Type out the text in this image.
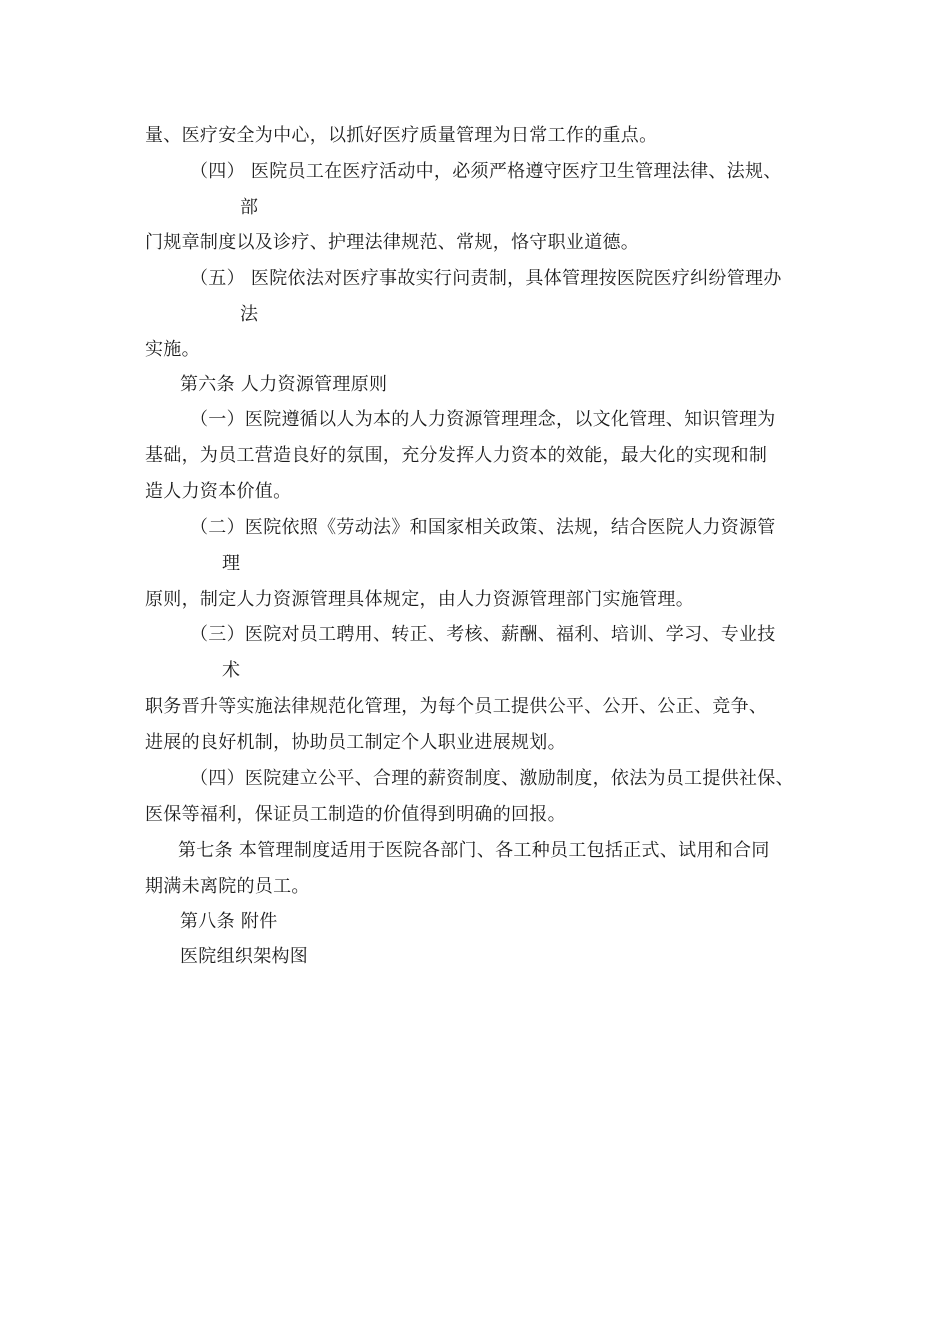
量、医疗安全为中心，以抓好医疗质量管理为日常工作的重点。
（四） 医院员工在医疗活动中，必须严格遵守医疗卫生管理法律、法规、
部
门规章制度以及诊疗、护理法律规范、常规，恪守职业道德。
（五） 医院依法对医疗事故实行问责制，具体管理按医院医疗纠纷管理办
法
实施。
第六条 人力资源管理原则
（一）医院遵循以人为本的人力资源管理理念，以文化管理、知识管理为
基础，为员工营造良好的氛围，充分发挥人力资本的效能，最大化的实现和制
造人力资本价值。
（二）医院依照《劳动法》和国家相关政策、法规，结合医院人力资源管
理
原则，制定人力资源管理具体规定，由人力资源管理部门实施管理。
（三）医院对员工聘用、转正、考核、薪酬、福利、培训、学习、专业技
术
职务晋升等实施法律规范化管理，为每个员工提供公平、公开、公正、竞争、
进展的良好机制，协助员工制定个人职业进展规划。
（四）医院建立公平、合理的薪资制度、激励制度，依法为员工提供社保、
医保等福利，保证员工制造的价值得到明确的回报。
第七条 本管理制度适用于医院各部门、各工种员工包括正式、试用和合同
期满未离院的员工。
第八条 附件
医院组织架构图
